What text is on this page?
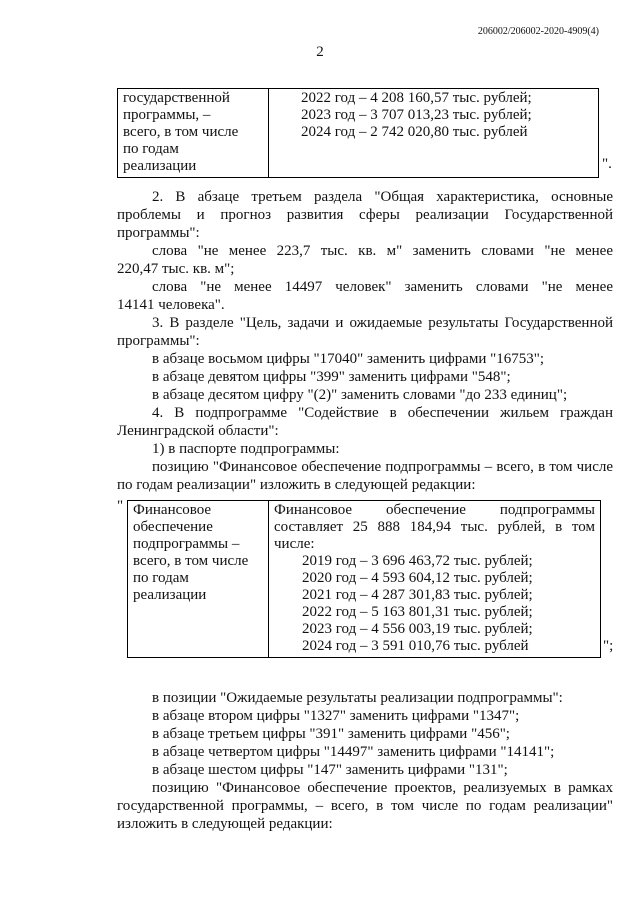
206002/206002-2020-4909(4)
2
государственной
программы, –
всего, в том числе
по годам
реализации

2022 год – 4 208 160,57 тыс. рублей;
2023 год – 3 707 013,23 тыс. рублей;
2024 год – 2 742 020,80 тыс. рублей
".
2. В абзаце третьем раздела "Общая характеристика, основные
проблемы и прогноз развития сферы реализации Государственной
программы":
слова "не менее 223,7 тыс. кв. м" заменить словами "не менее
220,47 тыс. кв. м";
слова "не менее 14497 человек" заменить словами "не менее
14141 человека".
3. В разделе "Цель, задачи и ожидаемые результаты Государственной
программы":
в абзаце восьмом цифры "17040" заменить цифрами "16753";
в абзаце девятом цифры "399" заменить цифрами "548";
в абзаце десятом цифру "(2)" заменить словами "до 233 единиц";
4. В подпрограмме "Содействие в обеспечении жильем граждан
Ленинградской области":
1) в паспорте подпрограммы:
позицию "Финансовое обеспечение подпрограммы – всего, в том числе
по годам реализации" изложить в следующей редакции:
" Финансовое
обеспечение
подпрограммы –
всего, в том числе
по годам
реализации

Финансовое обеспечение подпрограммы
составляет 25 888 184,94 тыс. рублей, в том
числе:
2019 год – 3 696 463,72 тыс. рублей;
2020 год – 4 593 604,12 тыс. рублей;
2021 год – 4 287 301,83 тыс. рублей;
2022 год – 5 163 801,31 тыс. рублей;
2023 год – 4 556 003,19 тыс. рублей;
2024 год – 3 591 010,76 тыс. рублей	";
в позиции "Ожидаемые результаты реализации подпрограммы":
в абзаце втором цифры "1327" заменить цифрами "1347";
в абзаце третьем цифры "391" заменить цифрами "456";
в абзаце четвертом цифры "14497" заменить цифрами "14141";
в абзаце шестом цифры "147" заменить цифрами "131";
позицию "Финансовое обеспечение проектов, реализуемых в рамках
государственной программы, – всего, в том числе по годам реализации"
изложить в следующей редакции:
